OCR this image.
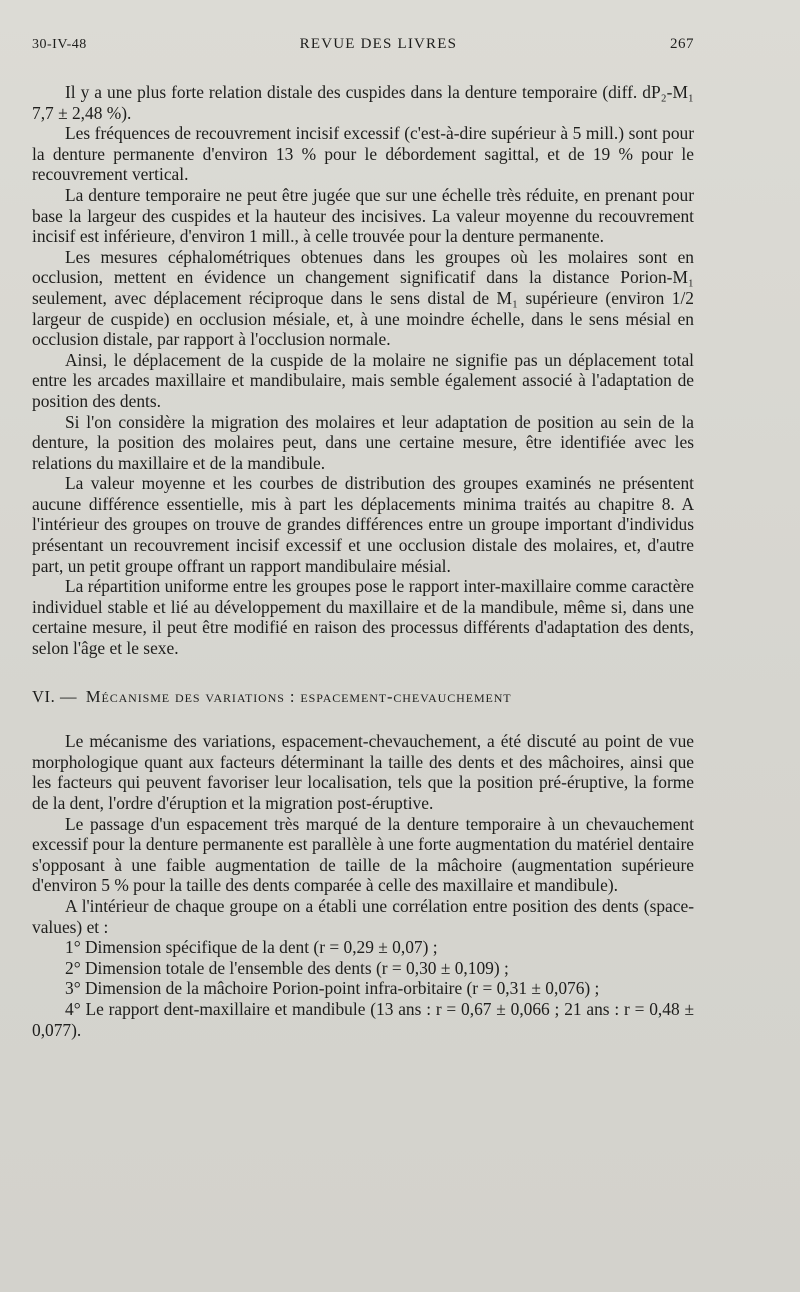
30-IV-48	REVUE DES LIVRES	267

Il y a une plus forte relation distale des cuspides dans la denture temporaire (diff. dP₂-M₁ 7,7 ± 2,48 %).

Les fréquences de recouvrement incisif excessif (c'est-à-dire supérieur à 5 mill.) sont pour la denture permanente d'environ 13 % pour le débordement sagittal, et de 19 % pour le recouvrement vertical.

La denture temporaire ne peut être jugée que sur une échelle très réduite, en prenant pour base la largeur des cuspides et la hauteur des incisives. La valeur moyenne du recouvrement incisif est inférieure, d'environ 1 mill., à celle trouvée pour la denture permanente.

Les mesures céphalométriques obtenues dans les groupes où les molaires sont en occlusion, mettent en évidence un changement significatif dans la distance Porion-M₁ seulement, avec déplacement réciproque dans le sens distal de M₁ supérieure (environ 1/2 largeur de cuspide) en occlusion mésiale, et, à une moindre échelle, dans le sens mésial en occlusion distale, par rapport à l'occlusion normale.

Ainsi, le déplacement de la cuspide de la molaire ne signifie pas un déplacement total entre les arcades maxillaire et mandibulaire, mais semble également associé à l'adaptation de position des dents.

Si l'on considère la migration des molaires et leur adaptation de position au sein de la denture, la position des molaires peut, dans une certaine mesure, être identifiée avec les relations du maxillaire et de la mandibule.

La valeur moyenne et les courbes de distribution des groupes examinés ne présentent aucune différence essentielle, mis à part les déplacements minima traités au chapitre 8. A l'intérieur des groupes on trouve de grandes différences entre un groupe important d'individus présentant un recouvrement incisif excessif et une occlusion distale des molaires, et, d'autre part, un petit groupe offrant un rapport mandibulaire mésial.

La répartition uniforme entre les groupes pose le rapport inter-maxillaire comme caractère individuel stable et lié au développement du maxillaire et de la mandibule, même si, dans une certaine mesure, il peut être modifié en raison des processus différents d'adaptation des dents, selon l'âge et le sexe.

VI. — Mécanisme des variations : espacement-chevauchement

Le mécanisme des variations, espacement-chevauchement, a été discuté au point de vue morphologique quant aux facteurs déterminant la taille des dents et des mâchoires, ainsi que les facteurs qui peuvent favoriser leur localisation, tels que la position pré-éruptive, la forme de la dent, l'ordre d'éruption et la migration post-éruptive.

Le passage d'un espacement très marqué de la denture temporaire à un chevauchement excessif pour la denture permanente est parallèle à une forte augmentation du matériel dentaire s'opposant à une faible augmentation de taille de la mâchoire (augmentation supérieure d'environ 5 % pour la taille des dents comparée à celle des maxillaire et mandibule).

A l'intérieur de chaque groupe on a établi une corrélation entre position des dents (space-values) et :

1° Dimension spécifique de la dent (r = 0,29 ± 0,07) ;

2° Dimension totale de l'ensemble des dents (r = 0,30 ± 0,109) ;

3° Dimension de la mâchoire Porion-point infra-orbitaire (r = 0,31 ± 0,076) ;

4° Le rapport dent-maxillaire et mandibule (13 ans : r = 0,67 ± 0,066 ; 21 ans : r = 0,48 ± 0,077).
